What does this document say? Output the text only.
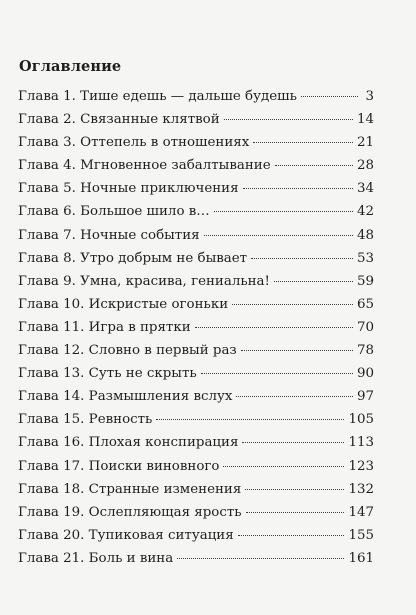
Оглавление
Глава 1. Тише едешь — дальше будешь	3
Глава 2. Связанные клятвой	14
Глава 3. Оттепель в отношениях	21
Глава 4. Мгновенное забалтывание	28
Глава 5. Ночные приключения	34
Глава 6. Большое шило в…	42
Глава 7. Ночные события	48
Глава 8. Утро добрым не бывает	53
Глава 9. Умна, красива, гениальна!	59
Глава 10. Искристые огоньки	65
Глава 11. Игра в прятки	70
Глава 12. Словно в первый раз	78
Глава 13. Суть не скрыть	90
Глава 14. Размышления вслух	97
Глава 15. Ревность	105
Глава 16. Плохая конспирация	113
Глава 17. Поиски виновного	123
Глава 18. Странные изменения	132
Глава 19. Ослепляющая ярость	147
Глава 20. Тупиковая ситуация	155
Глава 21. Боль и вина	161
